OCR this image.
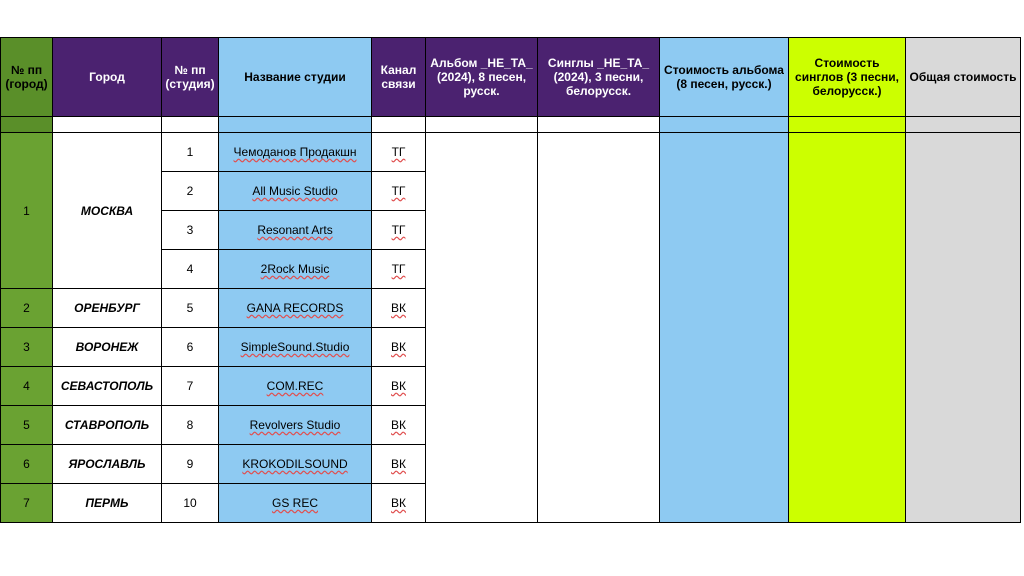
№ пп (город)	Город	№ пп (студия)	Название студии	Канал связи	Альбом _НЕ_ТА_ (2024), 8 песен, русск.	Синглы _НЕ_ТА_ (2024), 3 песни, белорусск.	Стоимость альбома (8 песен, русск.)	Стоимость синглов (3 песни, белорусск.)	Общая стоимость

1	МОСКВА	1	Чемоданов Продакшн	ТГ			

		2	All Music Studio	ТГ					
		3	Resonant Arts	ТГ					
		4	2Rock Music	ТГ					
2	ОРЕНБУРГ	5	GANA RECORDS	ВК					
3	ВОРОНЕЖ	6	SimpleSound.Studio	ВК					
4	СЕВАСТОПОЛЬ	7	COM.REC	ВК					
5	СТАВРОПОЛЬ	8	Revolvers Studio	ВК					
6	ЯРОСЛАВЛЬ	9	KROKODILSOUND	ВК					
7	ПЕРМЬ	10	GS REC	ВК					
